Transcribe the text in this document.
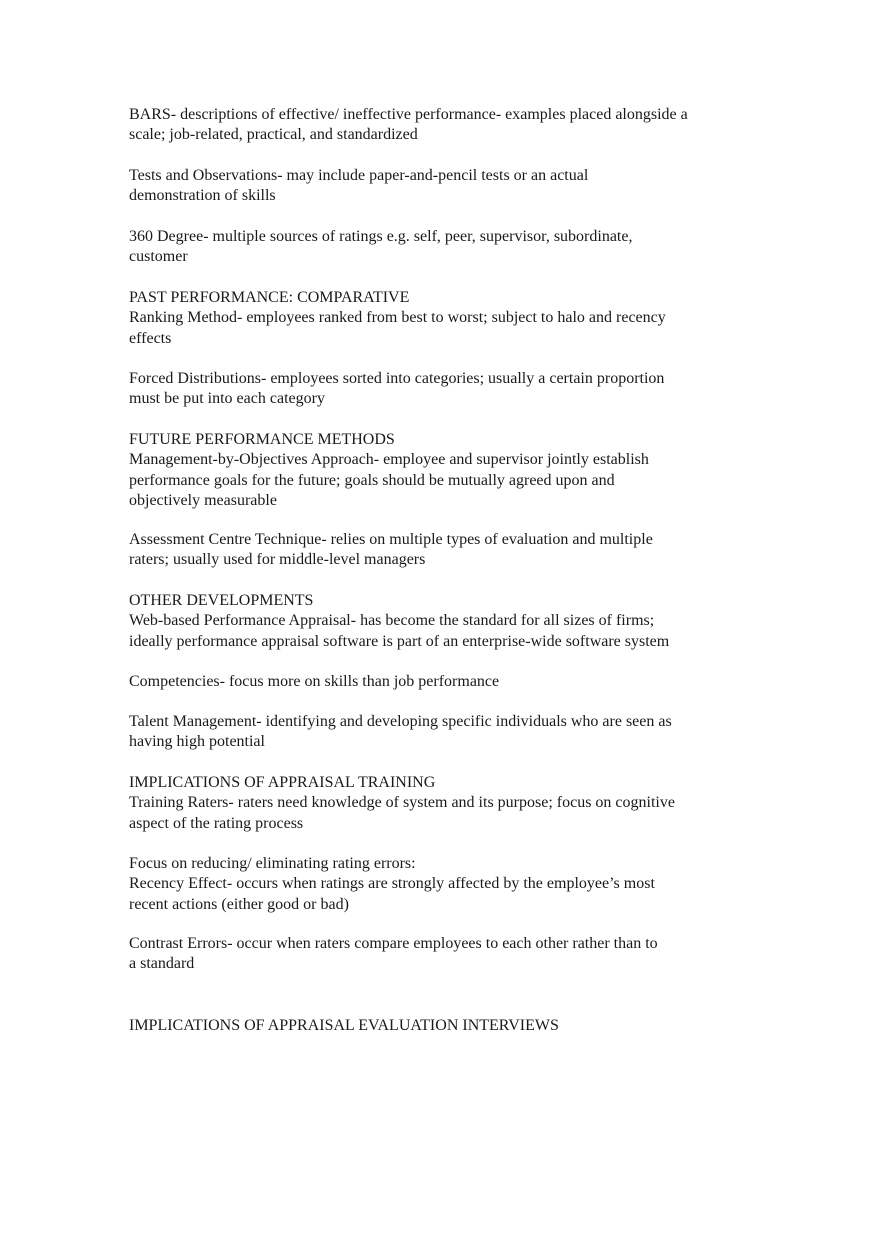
BARS- descriptions of effective/ ineffective performance- examples placed alongside a
scale; job-related, practical, and standardized
Tests and Observations- may include paper-and-pencil tests or an actual
demonstration of skills
360 Degree- multiple sources of ratings e.g. self, peer, supervisor, subordinate,
customer
PAST PERFORMANCE: COMPARATIVE
Ranking Method- employees ranked from best to worst; subject to halo and recency
effects
Forced Distributions- employees sorted into categories; usually a certain proportion
must be put into each category
FUTURE PERFORMANCE METHODS
Management-by-Objectives Approach- employee and supervisor jointly establish
performance goals for the future; goals should be mutually agreed upon and
objectively measurable
Assessment Centre Technique- relies on multiple types of evaluation and multiple
raters; usually used for middle-level managers
OTHER DEVELOPMENTS
Web-based Performance Appraisal- has become the standard for all sizes of firms;
ideally performance appraisal software is part of an enterprise-wide software system
Competencies- focus more on skills than job performance
Talent Management- identifying and developing specific individuals who are seen as
having high potential
IMPLICATIONS OF APPRAISAL TRAINING
Training Raters- raters need knowledge of system and its purpose; focus on cognitive
aspect of the rating process
Focus on reducing/ eliminating rating errors:
Recency Effect- occurs when ratings are strongly affected by the employee’s most
recent actions (either good or bad)
Contrast Errors- occur when raters compare employees to each other rather than to
a standard
IMPLICATIONS OF APPRAISAL EVALUATION INTERVIEWS
